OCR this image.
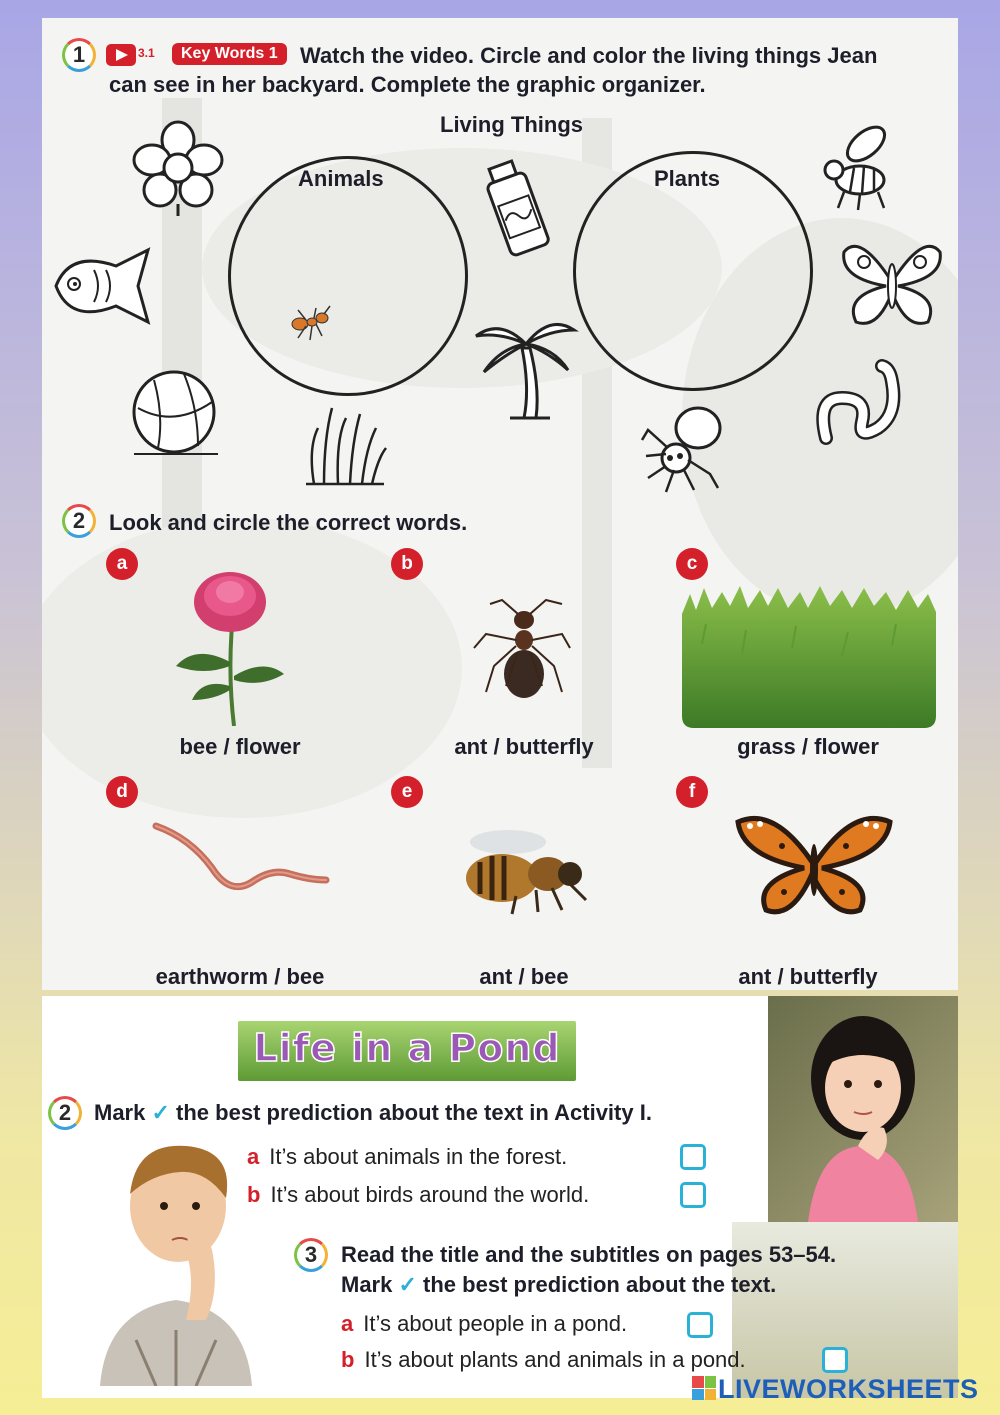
1	3.1	Key Words 1	Watch the video. Circle and color the living things Jean
can see in her backyard. Complete the graphic organizer.
Living Things
Animals	Plants
2	Look and circle the correct words.
a
bee / flower
b
ant / butterfly
c
grass / flower
d
earthworm / bee
e
ant / bee
f
ant / butterfly
Life in a Pond
2	Mark ✓ the best prediction about the text in Activity I.
a It’s about animals in the forest.
b It’s about birds around the world.
3	Read the title and the subtitles on pages 53–54.
Mark ✓ the best prediction about the text.
a It’s about people in a pond.
b It’s about plants and animals in a pond.
LIVEWORKSHEETS
